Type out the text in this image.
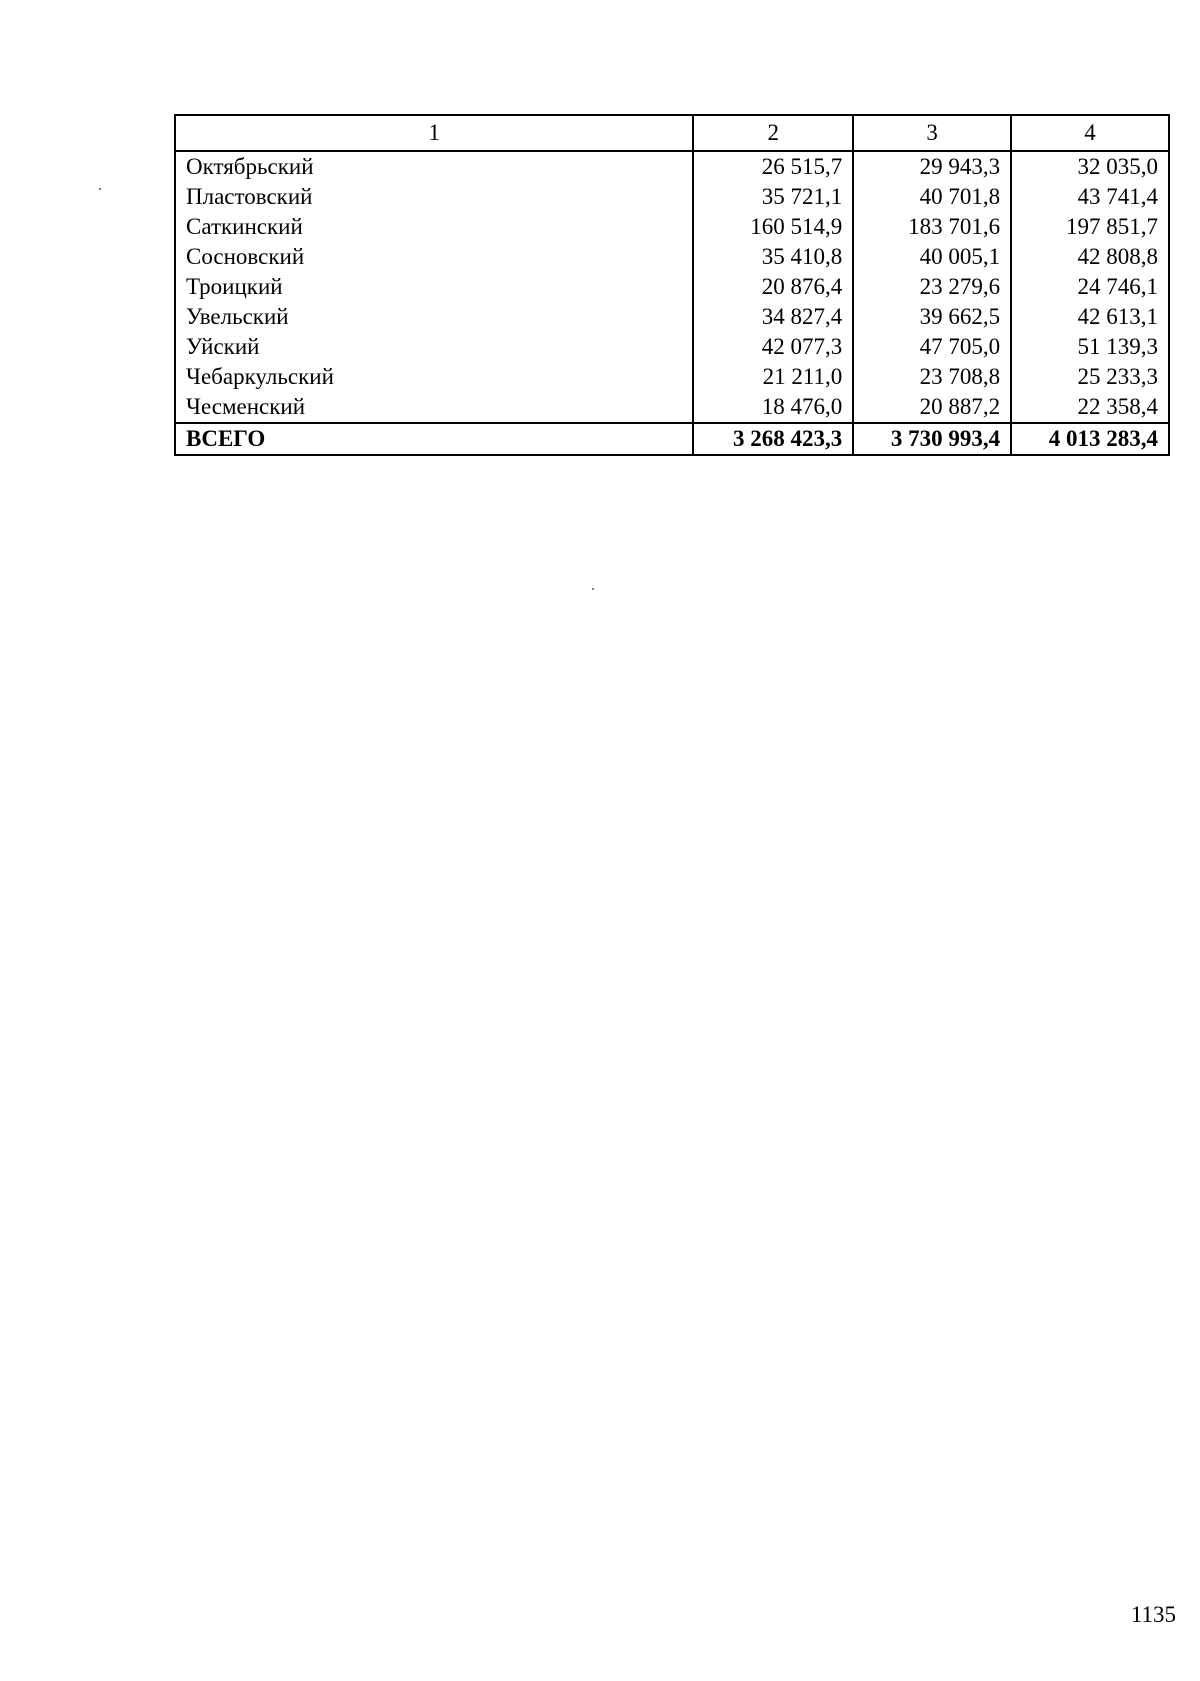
1	2	3	4
Октябрьский	26 515,7	29 943,3	32 035,0
Пластовский	35 721,1	40 701,8	43 741,4
Саткинский	160 514,9	183 701,6	197 851,7
Сосновский	35 410,8	40 005,1	42 808,8
Троицкий	20 876,4	23 279,6	24 746,1
Увельский	34 827,4	39 662,5	42 613,1
Уйский	42 077,3	47 705,0	51 139,3
Чебаркульский	21 211,0	23 708,8	25 233,3
Чесменский	18 476,0	20 887,2	22 358,4
ВСЕГО	3 268 423,3	3 730 993,4	4 013 283,4
1135
